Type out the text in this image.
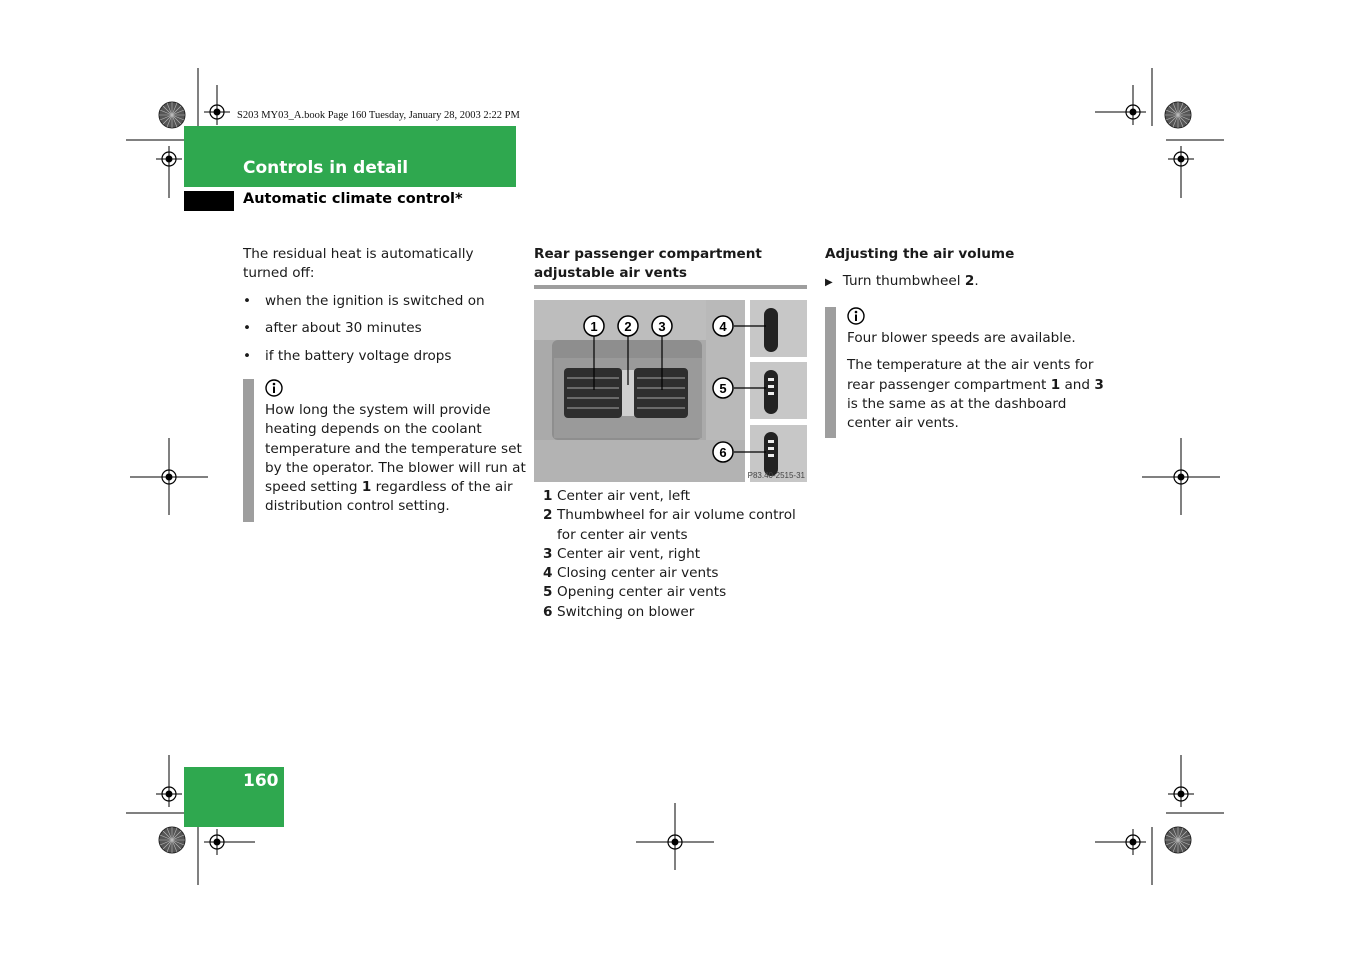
S203 MY03_A.book Page 160 Tuesday, January 28, 2003 2:22 PM
Controls in detail
Automatic climate control*

The residual heat is automatically turned off:

• when the ignition is switched on
• after about 30 minutes
• if the battery voltage drops

How long the system will provide heating depends on the coolant temperature and the temperature set by the operator. The blower will run at speed setting 1 regardless of the air distribution control setting.

Rear passenger compartment adjustable air vents
1 2 3	4
5
6
P83.40-2515-31
1 Center air vent, left
2 Thumbwheel for air volume control for center air vents
3 Center air vent, right
4 Closing center air vents
5 Opening center air vents
6 Switching on blower
Adjusting the air volume
▶ Turn thumbwheel 2.

Four blower speeds are available.

The temperature at the air vents for rear passenger compartment 1 and 3 is the same as at the dashboard center air vents.

160
